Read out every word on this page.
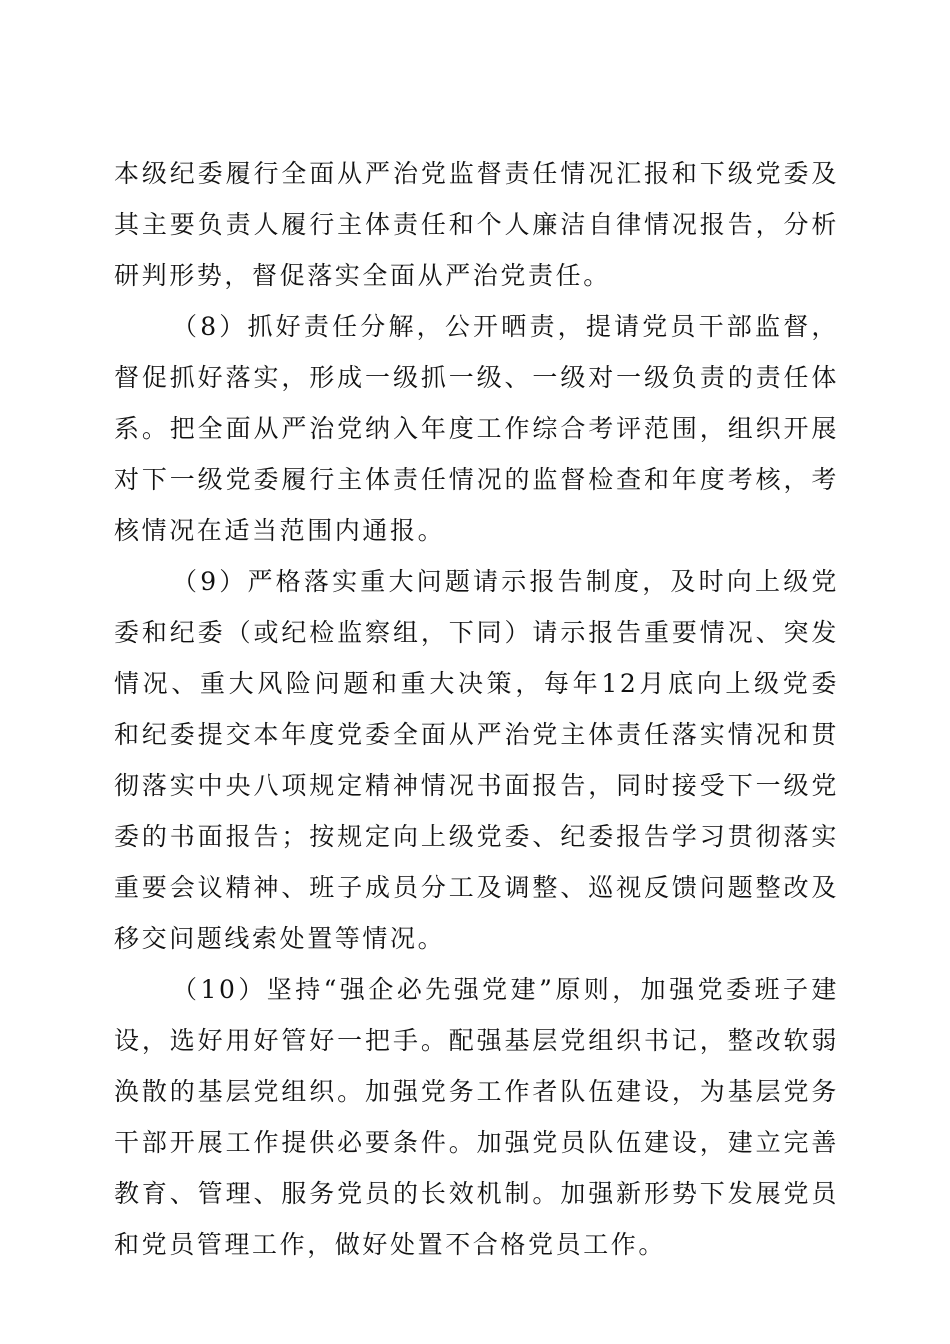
本级纪委履行全面从严治党监督责任情况汇报和下级党委及其主要负责人履行主体责任和个人廉洁自律情况报告，分析研判形势，督促落实全面从严治党责任。

（8）抓好责任分解，公开晒责，提请党员干部监督，督促抓好落实，形成一级抓一级、一级对一级负责的责任体系。把全面从严治党纳入年度工作综合考评范围，组织开展对下一级党委履行主体责任情况的监督检查和年度考核，考核情况在适当范围内通报。

（9）严格落实重大问题请示报告制度，及时向上级党委和纪委（或纪检监察组，下同）请示报告重要情况、突发情况、重大风险问题和重大决策，每年12月底向上级党委和纪委提交本年度党委全面从严治党主体责任落实情况和贯彻落实中央八项规定精神情况书面报告，同时接受下一级党委的书面报告；按规定向上级党委、纪委报告学习贯彻落实重要会议精神、班子成员分工及调整、巡视反馈问题整改及移交问题线索处置等情况。

（10）坚持“强企必先强党建”原则，加强党委班子建设，选好用好管好一把手。配强基层党组织书记，整改软弱涣散的基层党组织。加强党务工作者队伍建设，为基层党务干部开展工作提供必要条件。加强党员队伍建设，建立完善教育、管理、服务党员的长效机制。加强新形势下发展党员和党员管理工作，做好处置不合格党员工作。
